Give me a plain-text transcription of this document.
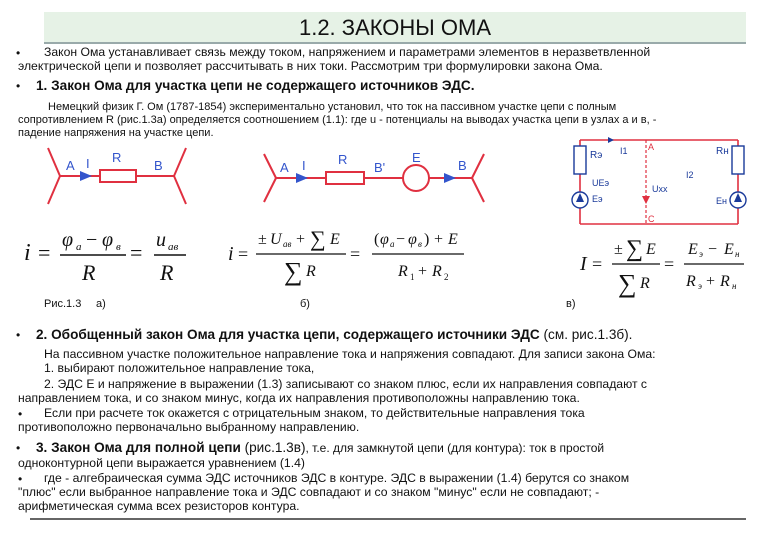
1.2. ЗАКОНЫ ОМА
• Закон Ома устанавливает связь между током, напряжением и параметрами элементов в неразветвленной
электрической цепи и позволяет рассчитывать в них токи. Рассмотрим три формулировки закона Ома.
• 1. Закон Ома для участка цепи не содержащего источников ЭДС.
Немецкий физик Г. Ом (1787-1854) экспериментально установил, что ток на пассивном участке цепи с полным
сопротивлением R (рис.1.3а) определяется соотношением (1.1): где u - потенциалы на выводах участка цепи в узлах а и в, -
падение напряжения на участке цепи.
A I R
B	A I R
B'
E
B
Rэ	Rн
UEэ
Eэ
Uxx
Eн
A
C
I1
I2
i = φ а − φ в
R
= u ав
R
i =
± U ав + ∑ E
∑ R
=
( φ а − φ в ) + E
R 1 + R 2
I =
± ∑ E
∑ R
=
E э − E н
R э + R н
Рис.1.3 а)	б)	в)
• 2. Обобщенный закон Ома для участка цепи, содержащего источники ЭДС (см. рис.1.3б).
На пассивном участке положительное направление тока и напряжения совпадают. Для записи закона Ома:
1. выбирают положительное направление тока,
2. ЭДС E и напряжение в выражении (1.3) записывают со знаком плюс, если их направления совпадают с
направлением тока, и со знаком минус, когда их направления противоположны направлению тока.
• Если при расчете ток окажется с отрицательным знаком, то действительные направления тока
противоположно первоначально выбранному направлению.
• 3. Закон Ома для полной цепи (рис.1.3в), т.е. для замкнутой цепи (для контура): ток в простой
одноконтурной цепи выражается уравнением (1.4)
• где - алгебраическая сумма ЭДС источников ЭДС в контуре. ЭДС в выражении (1.4) берутся со знаком
"плюс" если выбранное направление тока и ЭДС совпадают и со знаком "минус" если не совпадают; -
арифметическая сумма всех резисторов контура.
